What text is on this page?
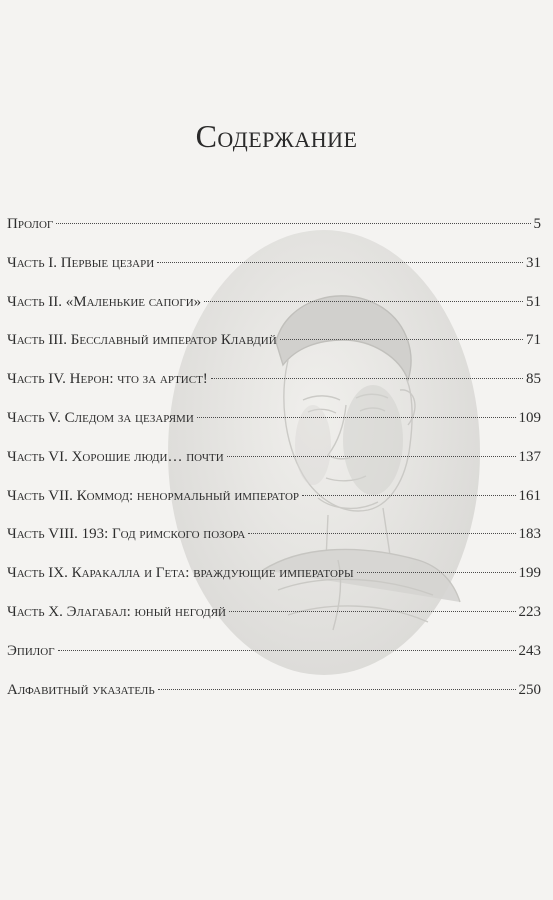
Содержание
Пролог	5
Часть I. Первые цезари	31
Часть II. «Маленькие сапоги»	51
Часть III. Бесславный император Клавдий	71
Часть IV. Нерон: что за артист!	85
Часть V. Следом за цезарями	109
Часть VI. Хорошие люди… почти	137
Часть VII. Коммод: ненормальный император	161
Часть VIII. 193: Год римского позора	183
Часть IX. Каракалла и Гета: враждующие императоры	199
Часть X. Элагабал: юный негодяй	223
Эпилог	243
Алфавитный указатель	250
